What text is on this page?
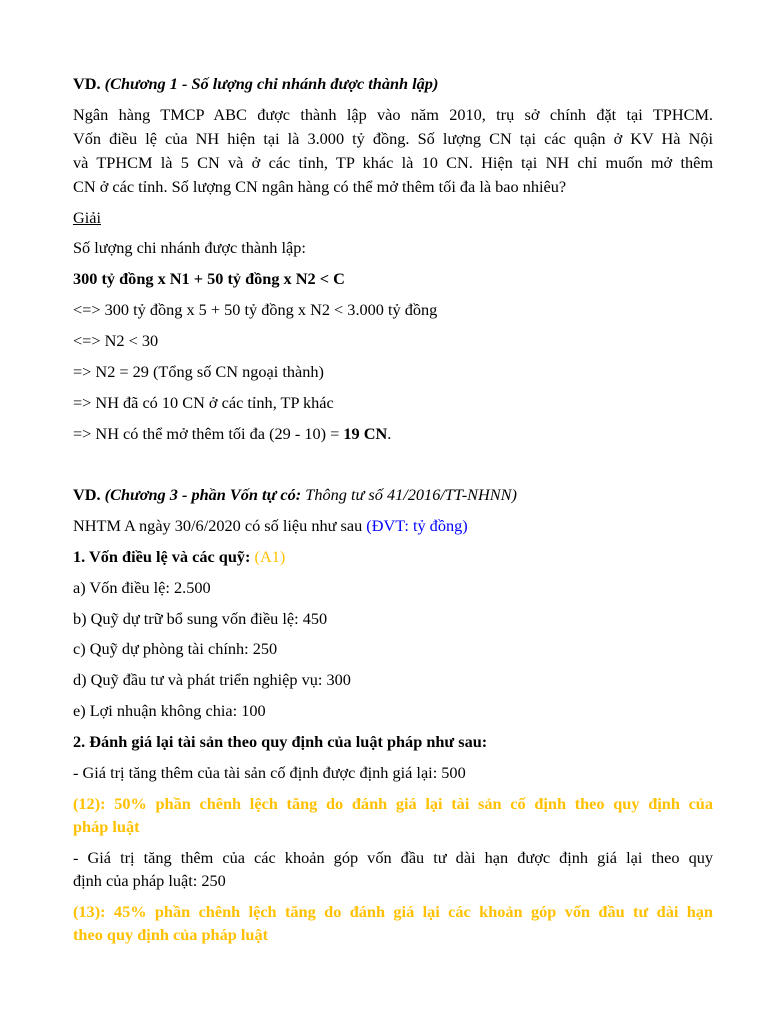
VD. (Chương 1 - Số lượng chi nhánh được thành lập)
Ngân hàng TMCP ABC được thành lập vào năm 2010, trụ sở chính đặt tại TPHCM.
Vốn điều lệ của NH hiện tại là 3.000 tỷ đồng. Số lượng CN tại các quận ở KV Hà Nội
và TPHCM là 5 CN và ở các tỉnh, TP khác là 10 CN. Hiện tại NH chỉ muốn mở thêm
CN ở các tỉnh. Số lượng CN ngân hàng có thể mở thêm tối đa là bao nhiêu?
Giải
Số lượng chi nhánh được thành lập:
300 tỷ đồng x N1 + 50 tỷ đồng x N2 < C
<=> 300 tỷ đồng x 5 + 50 tỷ đồng x N2 < 3.000 tỷ đồng
<=> N2 < 30
=> N2 = 29 (Tổng số CN ngoại thành)
=> NH đã có 10 CN ở các tỉnh, TP khác
=> NH có thể mở thêm tối đa (29 - 10) = 19 CN.
VD. (Chương 3 - phần Vốn tự có: Thông tư số 41/2016/TT-NHNN)
NHTM A ngày 30/6/2020 có số liệu như sau (ĐVT: tỷ đồng)
1. Vốn điều lệ và các quỹ: (A1)
a) Vốn điều lệ: 2.500
b) Quỹ dự trữ bổ sung vốn điều lệ: 450
c) Quỹ dự phòng tài chính: 250
d) Quỹ đầu tư và phát triển nghiệp vụ: 300
e) Lợi nhuận không chia: 100
2. Đánh giá lại tài sản theo quy định của luật pháp như sau:
- Giá trị tăng thêm của tài sản cố định được định giá lại: 500
(12): 50% phần chênh lệch tăng do đánh giá lại tài sản cố định theo quy định của
pháp luật
- Giá trị tăng thêm của các khoản góp vốn đầu tư dài hạn được định giá lại theo quy
định của pháp luật: 250
(13): 45% phần chênh lệch tăng do đánh giá lại các khoản góp vốn đầu tư dài hạn
theo quy định của pháp luật
